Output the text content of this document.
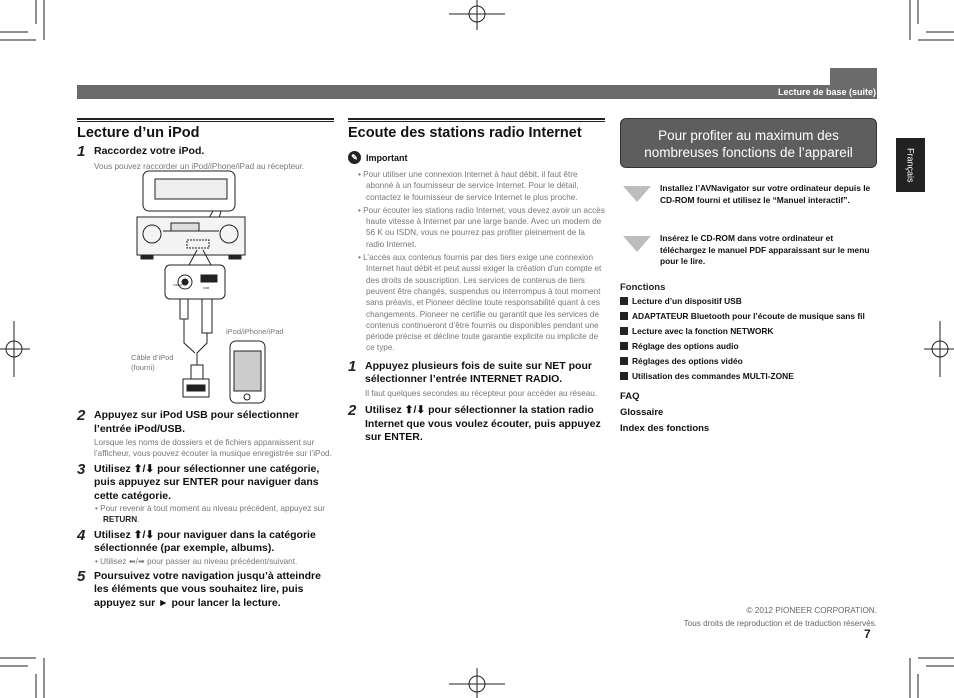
Lecture de base (suite)
Français
Lecture d’un iPod
1 Raccordez votre iPod.
Vous pouvez raccorder un iPod/iPhone/iPad au récepteur.
VIDEO
USB
iPod/iPhone/iPad
Câble d’iPod (fourni)
2 Appuyez sur iPod USB pour sélectionner l’entrée iPod/USB.
Lorsque les noms de dossiers et de fichiers apparaissent sur l’afficheur, vous pouvez écouter la musique enregistrée sur l’iPod.
3 Utilisez ⬆/⬇ pour sélectionner une catégorie, puis appuyez sur ENTER pour naviguer dans cette catégorie.
• Pour revenir à tout moment au niveau précédent, appuyez sur RETURN.
4 Utilisez ⬆/⬇ pour naviguer dans la catégorie sélectionnée (par exemple, albums).
• Utilisez ⬅/➡ pour passer au niveau précédent/suivant.
5 Poursuivez votre navigation jusqu’à atteindre les éléments que vous souhaitez lire, puis appuyez sur ► pour lancer la lecture.
Ecoute des stations radio Internet
✎ Important
• Pour utiliser une connexion Internet à haut débit, il faut être abonné à un fournisseur de service Internet. Pour le détail, contactez le fournisseur de service Internet le plus proche.
• Pour écouter les stations radio Internet, vous devez avoir un accès haute vitesse à Internet par une large bande. Avec un modem de 56 K ou ISDN, vous ne pourrez pas profiter pleinement de la radio Internet.
• L’accès aux contenus fournis par des tiers exige une connexion Internet haut débit et peut aussi exiger la création d’un compte et des droits de souscription. Les services de contenus de tiers peuvent être changés, suspendus ou interrompus à tout moment sans préavis, et Pioneer décline toute responsabilité quant à ces changements. Pioneer ne certifie ou garantit que les services de contenus continueront d’être fournis ou disponibles pendant une période précise et décline toute garantie explicite ou implicite de ce type.
1 Appuyez plusieurs fois de suite sur NET pour sélectionner l’entrée INTERNET RADIO.
Il faut quelques secondes au récepteur pour accéder au réseau.
2 Utilisez ⬆/⬇ pour sélectionner la station radio Internet que vous voulez écouter, puis appuyez sur ENTER.
Pour profiter au maximum des nombreuses fonctions de l’appareil
Installez l’AVNavigator sur votre ordinateur depuis le CD-ROM fourni et utilisez le “Manuel interactif”.
Insérez le CD-ROM dans votre ordinateur et téléchargez le manuel PDF apparaissant sur le menu pour le lire.
Fonctions
Lecture d’un dispositif USB
ADAPTATEUR Bluetooth pour l’écoute de musique sans fil
Lecture avec la fonction NETWORK
Réglage des options audio
Réglages des options vidéo
Utilisation des commandes MULTI-ZONE
FAQ
Glossaire
Index des fonctions
© 2012 PIONEER CORPORATION.
Tous droits de reproduction et de traduction réservés.
7
